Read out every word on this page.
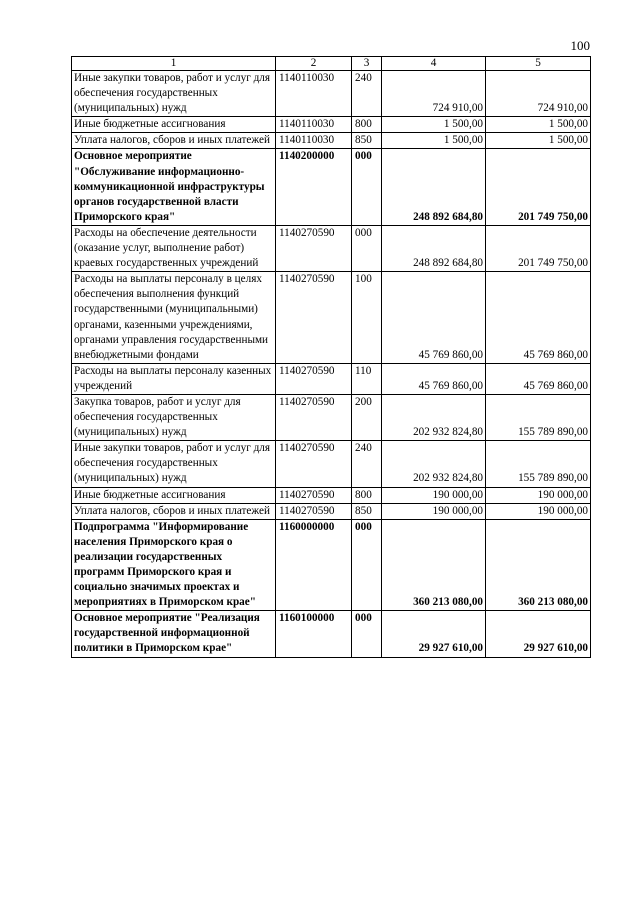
100
1	2	3	4	5
Иные закупки товаров, работ и услуг для обеспечения государственных (муниципальных) нужд	1140110030	240	724 910,00	724 910,00
Иные бюджетные ассигнования	1140110030	800	1 500,00	1 500,00
Уплата налогов, сборов и иных платежей	1140110030	850	1 500,00	1 500,00
Основное мероприятие "Обслуживание информационно-коммуникационной инфраструктуры органов государственной власти Приморского края"	1140200000	000	248 892 684,80	201 749 750,00
Расходы на обеспечение деятельности (оказание услуг, выполнение работ) краевых государственных учреждений	1140270590	000	248 892 684,80	201 749 750,00
Расходы на выплаты персоналу в целях обеспечения выполнения функций государственными (муниципальными) органами, казенными учреждениями, органами управления государственными внебюджетными фондами	1140270590	100	45 769 860,00	45 769 860,00
Расходы на выплаты персоналу казенных учреждений	1140270590	110	45 769 860,00	45 769 860,00
Закупка товаров, работ и услуг для обеспечения государственных (муниципальных) нужд	1140270590	200	202 932 824,80	155 789 890,00
Иные закупки товаров, работ и услуг для обеспечения государственных (муниципальных) нужд	1140270590	240	202 932 824,80	155 789 890,00
Иные бюджетные ассигнования	1140270590	800	190 000,00	190 000,00
Уплата налогов, сборов и иных платежей	1140270590	850	190 000,00	190 000,00
Подпрограмма "Информирование населения Приморского края о реализации государственных программ Приморского края и социально значимых проектах и мероприятиях в Приморском крае"	1160000000	000	360 213 080,00	360 213 080,00
Основное мероприятие "Реализация государственной информационной политики в Приморском крае"	1160100000	000	29 927 610,00	29 927 610,00
